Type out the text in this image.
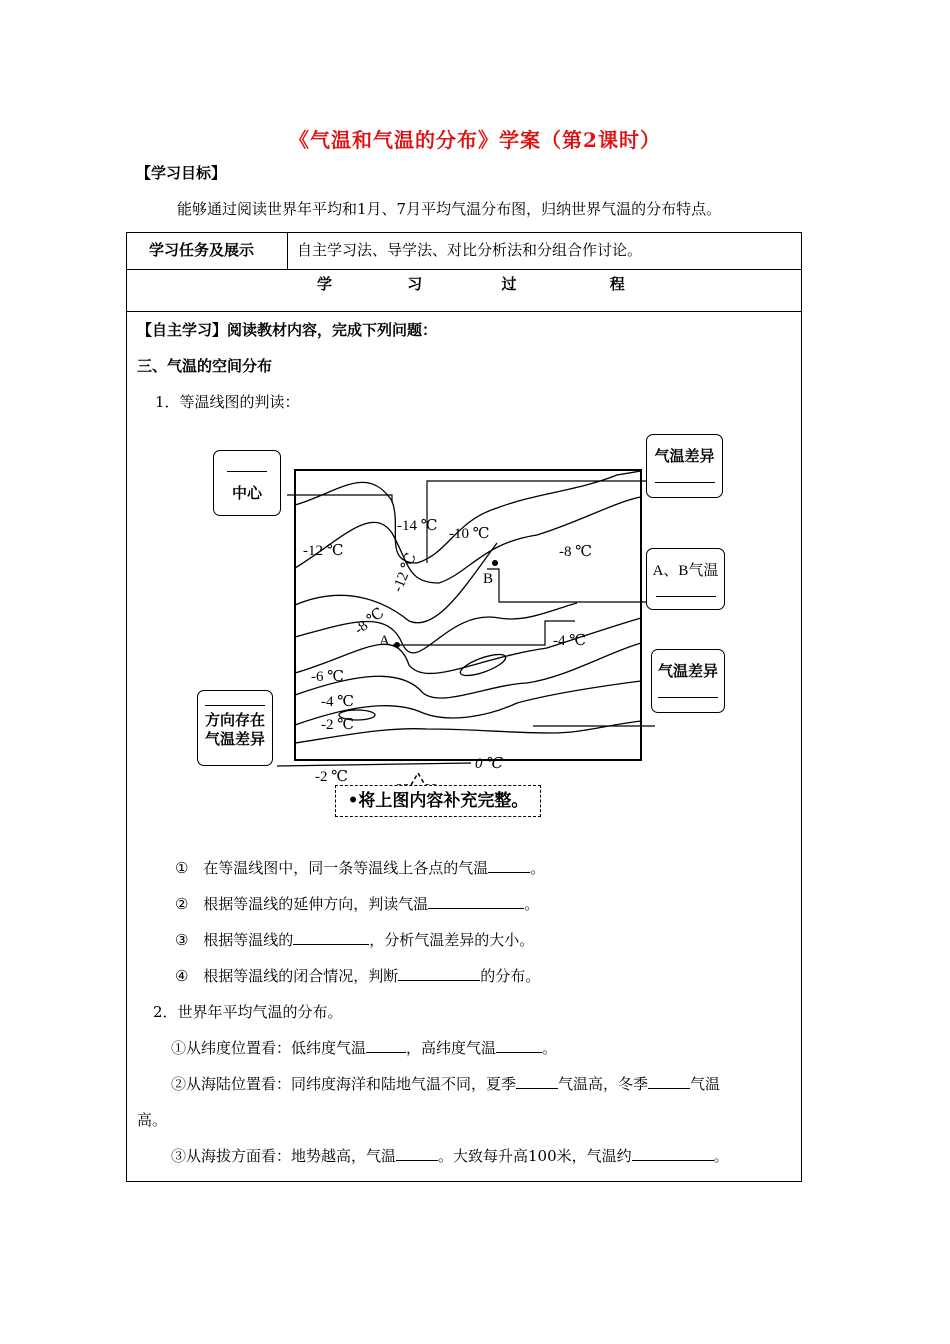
《气温和气温的分布》学案（第2课时）
【学习目标】
能够通过阅读世界年平均和1月、7月平均气温分布图，归纳世界气温的分布特点。
学习任务及展示	自主学习法、导学法、对比分析法和分组合作讨论。
学	习	过	程
【自主学习】阅读教材内容，完成下列问题：
三、气温的空间分布
1．等温线图的判读：
-14 ℃ -10 ℃
-12 ℃	-12 ℃	-8 ℃
-8 ℃
-4 ℃
-6 ℃
-4 ℃
-2 ℃
0 ℃
-2 ℃
B
A
中心
气温差异
A、B气温
气温差异
方向存在
气温差异
•将上图内容补充完整。
① 在等温线图中，同一条等温线上各点的气温	。
② 根据等温线的延伸方向，判读气温	。
③ 根据等温线的	，分析气温差异的大小。
④ 根据等温线的闭合情况，判断	的分布。
2．世界年平均气温的分布。
①从纬度位置看：低纬度气温	，高纬度气温	。
②从海陆位置看：同纬度海洋和陆地气温不同，夏季	气温高，冬季	气温
高。
③从海拔方面看：地势越高，气温	。大致每升高100米，气温约	。
